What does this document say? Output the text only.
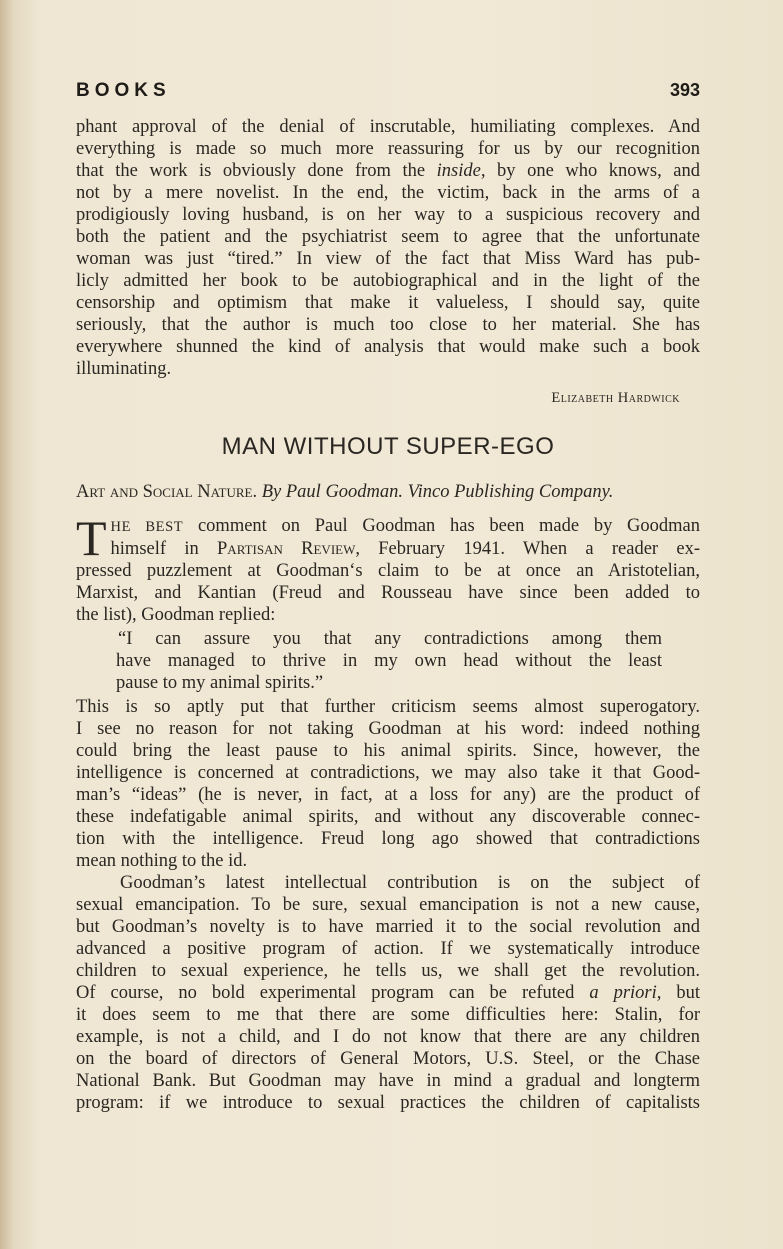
BOOKS	393

phant approval of the denial of inscrutable, humiliating complexes. And
everything is made so much more reassuring for us by our recognition
that the work is obviously done from the inside, by one who knows, and
not by a mere novelist. In the end, the victim, back in the arms of a
prodigiously loving husband, is on her way to a suspicious recovery and
both the patient and the psychiatrist seem to agree that the unfortunate
woman was just “tired.” In view of the fact that Miss Ward has pub-
licly admitted her book to be autobiographical and in the light of the
censorship and optimism that make it valueless, I should say, quite
seriously, that the author is much too close to her material. She has
everywhere shunned the kind of analysis that would make such a book
illuminating.

Elizabeth Hardwick
MAN WITHOUT SUPER-EGO
Art and Social Nature. By Paul Goodman. Vinco Publishing Company.

T HE BEST comment on Paul Goodman has been made by Goodman
himself in Partisan Review, February 1941. When a reader ex-
pressed puzzlement at Goodman‘s claim to be at once an Aristotelian,
Marxist, and Kantian (Freud and Rousseau have since been added to
the list), Goodman replied:

“I can assure you that any contradictions among them
have managed to thrive in my own head without the least
pause to my animal spirits.”

This is so aptly put that further criticism seems almost superogatory.
I see no reason for not taking Goodman at his word: indeed nothing
could bring the least pause to his animal spirits. Since, however, the
intelligence is concerned at contradictions, we may also take it that Good-
man’s “ideas” (he is never, in fact, at a loss for any) are the product of
these indefatigable animal spirits, and without any discoverable connec-
tion with the intelligence. Freud long ago showed that contradictions
mean nothing to the id.

Goodman’s latest intellectual contribution is on the subject of
sexual emancipation. To be sure, sexual emancipation is not a new cause,
but Goodman’s novelty is to have married it to the social revolution and
advanced a positive program of action. If we systematically introduce
children to sexual experience, he tells us, we shall get the revolution.
Of course, no bold experimental program can be refuted a priori, but
it does seem to me that there are some difficulties here: Stalin, for
example, is not a child, and I do not know that there are any children
on the board of directors of General Motors, U.S. Steel, or the Chase
National Bank. But Goodman may have in mind a gradual and longterm
program: if we introduce to sexual practices the children of capitalists
